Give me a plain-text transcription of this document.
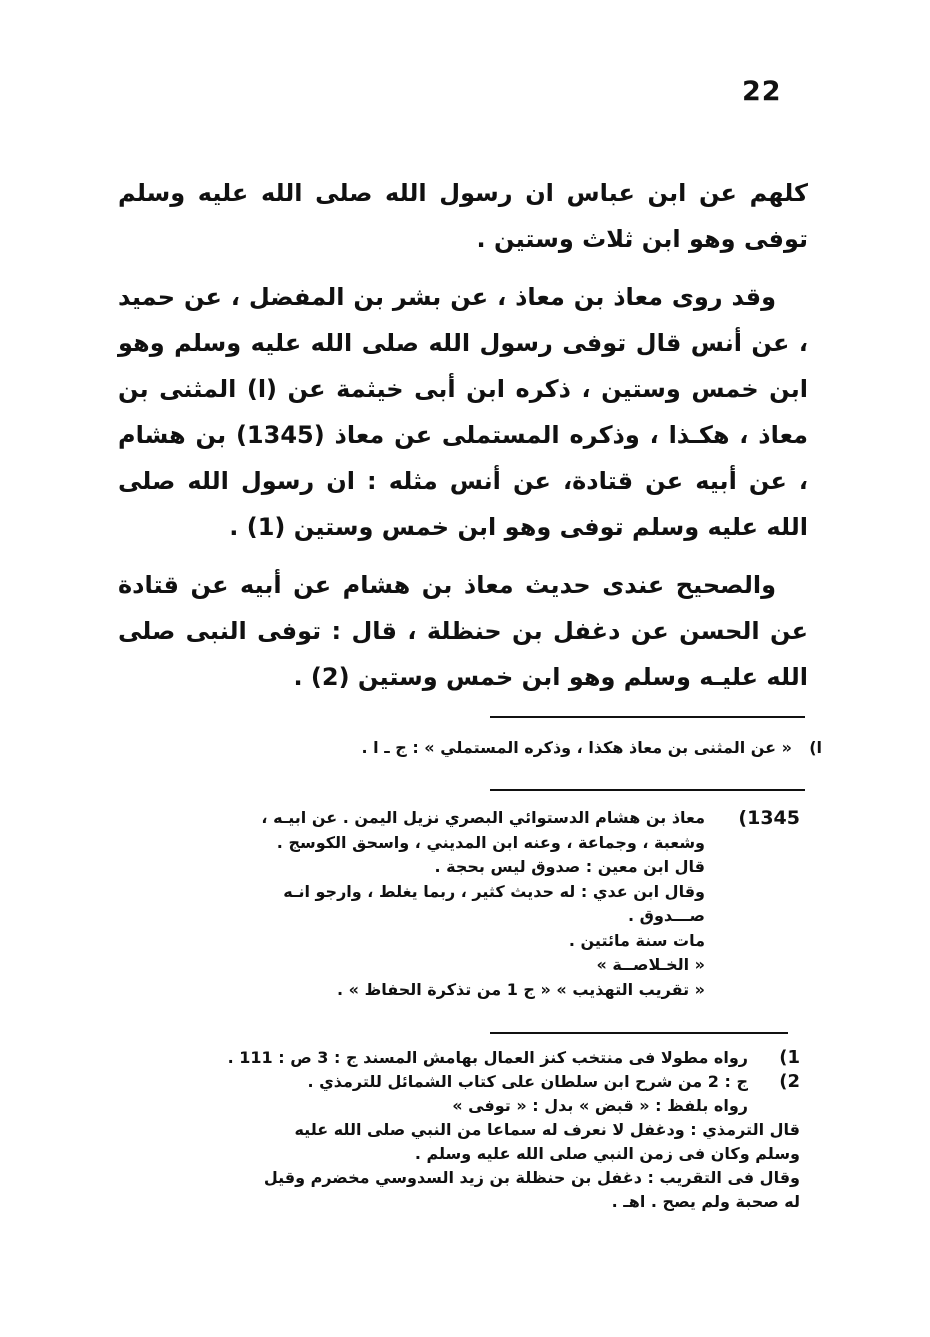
22

كلهم عن ابن عباس ان رسول الله صلى الله عليه وسلم توفى وهو ابن ثلاث وستين .

وقد روى معاذ بن معاذ ، عن بشر بن المفضل ، عن حميد ، عن أنس قال توفى رسول الله صلى الله عليه وسلم وهو ابن خمس وستين ، ذكره ابن أبى خيثمة عن (ا) المثنى بن معاذ ، هكـذا ، وذكره المستملى عن معاذ (1345) بن هشام ، عن أبيه عن قتادة، عن أنس مثله : ان رسول الله صلى الله عليه وسلم توفى وهو ابن خمس وستين (1) .

والصحيح عندى حديث معاذ بن هشام عن أبيه عن قتادة عن الحسن عن دغفل بن حنظلة ، قال : توفى النبى صلى الله عليـه وسلم وهو ابن خمس وستين (2) .

ا)
« عن المثنى بن معاذ هكذا ، وذكره المستملي » : ج ـ ا .
1345)
معاذ بن هشام الدستوائي البصري نزيل اليمن . عن ابيـه ،
وشعبة ، وجماعة ، وعنه ابن المديني ، واسحق الكوسج .
قال ابن معين : صدوق ليس بحجة .
وقال ابن عدي : له حديث كثير ، ربما يغلط ، وارجو انـه
صـــدوق .
مات سنة مائتين .
« الخـلاصــة »
« تقريب التهذيب » « ج 1 من تذكرة الحفاظ » .
1)
رواه مطولا فى منتخب كنز العمال بهامش المسند ج : 3 ص : 111 .
2)
ج : 2 من شرح ابن سلطان على كتاب الشمائل للترمذي .
رواه بلفظ : « قبض » بدل : « توفى »
قال الترمذي : ودغفل لا نعرف له سماعا من النبي صلى الله عليه
وسلم وكان فى زمن النبي صلى الله عليه وسلم .
وقال فى التقريب : دغفل بن حنظلة بن زيد السدوسي مخضرم وقيل
له صحبة ولم يصح . اهـ .
